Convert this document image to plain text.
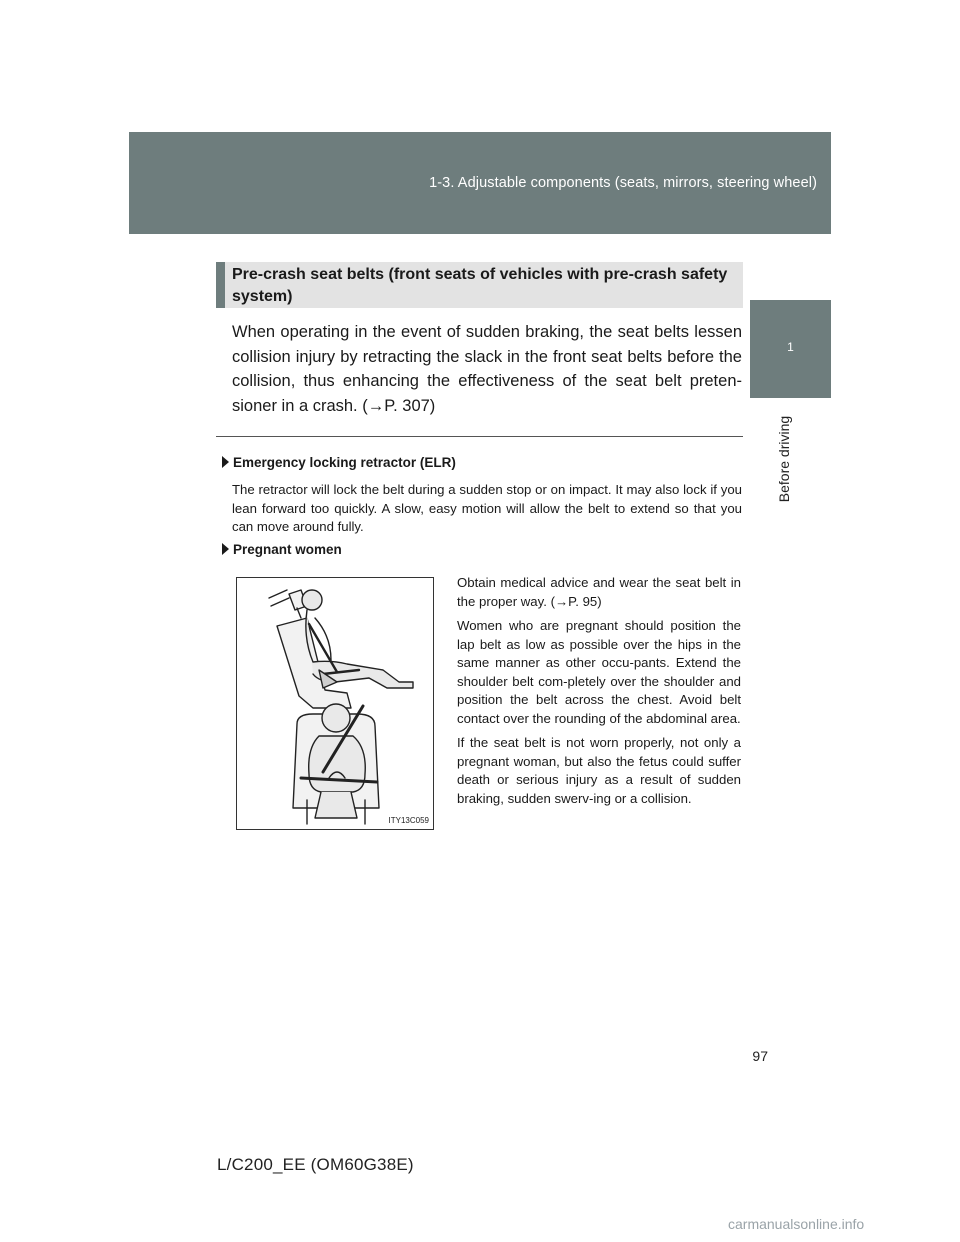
1-3. Adjustable components (seats, mirrors, steering wheel)
1
Before driving
Pre-crash seat belts (front seats of vehicles with pre-crash safety system)
When operating in the event of sudden braking, the seat belts lessen collision injury by retracting the slack in the front seat belts before the collision, thus enhancing the effectiveness of the seat belt preten-sioner in a crash. (→P. 307)
Emergency locking retractor (ELR)
The retractor will lock the belt during a sudden stop or on impact. It may also lock if you lean forward too quickly. A slow, easy motion will allow the belt to extend so that you can move around fully.
Pregnant women
ITY13C059

Obtain medical advice and wear the seat belt in the proper way. (→P. 95)

Women who are pregnant should position the lap belt as low as possible over the hips in the same manner as other occu-pants. Extend the shoulder belt com-pletely over the shoulder and position the belt across the chest. Avoid belt contact over the rounding of the abdominal area.

If the seat belt is not worn properly, not only a pregnant woman, but also the fetus could suffer death or serious injury as a result of sudden braking, sudden swerv-ing or a collision.

97
L/C200_EE (OM60G38E)
carmanualsonline.info
